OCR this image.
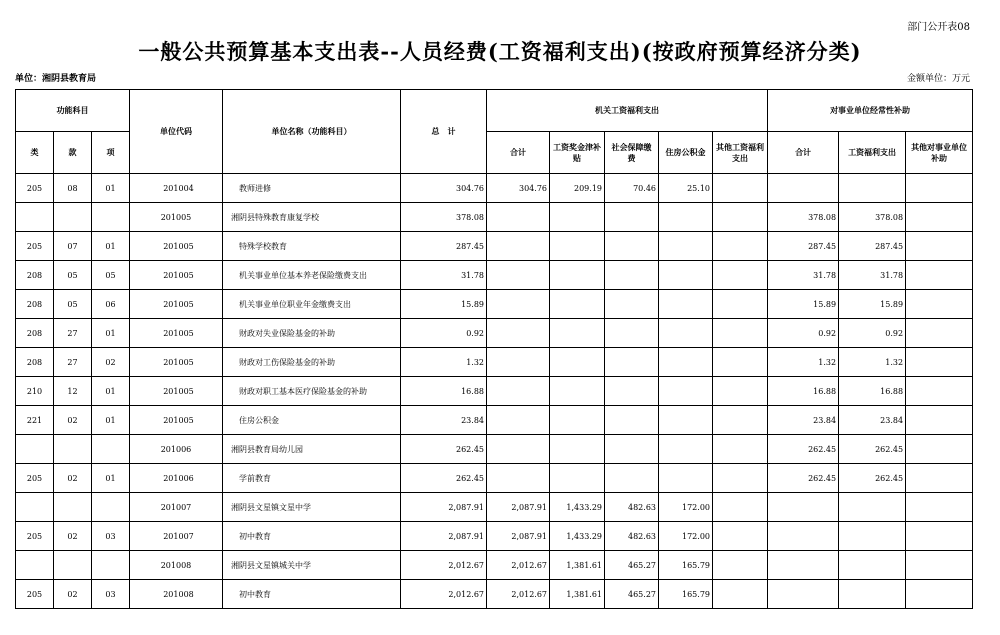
部门公开表08
一般公共预算基本支出表--人员经费(工资福利支出)(按政府预算经济分类)
单位：湘阴县教育局	金额单位：万元
功能科目			单位代码	单位名称（功能科目）	总　计	机关工资福利支出					对事业单位经常性补助		
类	款	项				合计	工资奖金津补贴	社会保障缴费	住房公积金	其他工资福利支出	合计	工资福利支出	其他对事业单位补助
205	08	01	201004	教师进修	304.76	304.76	209.19	70.46	25.10				
			201005	湘阴县特殊教育康复学校	378.08						378.08	378.08	
205	07	01	201005	特殊学校教育	287.45						287.45	287.45	
208	05	05	201005	机关事业单位基本养老保险缴费支出	31.78						31.78	31.78	
208	05	06	201005	机关事业单位职业年金缴费支出	15.89						15.89	15.89	
208	27	01	201005	财政对失业保险基金的补助	0.92						0.92	0.92	
208	27	02	201005	财政对工伤保险基金的补助	1.32						1.32	1.32	
210	12	01	201005	财政对职工基本医疗保险基金的补助	16.88						16.88	16.88	
221	02	01	201005	住房公积金	23.84						23.84	23.84	
			201006	湘阴县教育局幼儿园	262.45						262.45	262.45	
205	02	01	201006	学前教育	262.45						262.45	262.45	
			201007	湘阴县文星镇文星中学	2,087.91	2,087.91	1,433.29	482.63	172.00				
205	02	03	201007	初中教育	2,087.91	2,087.91	1,433.29	482.63	172.00				
			201008	湘阴县文星镇城关中学	2,012.67	2,012.67	1,381.61	465.27	165.79				
205	02	03	201008	初中教育	2,012.67	2,012.67	1,381.61	465.27	165.79				
